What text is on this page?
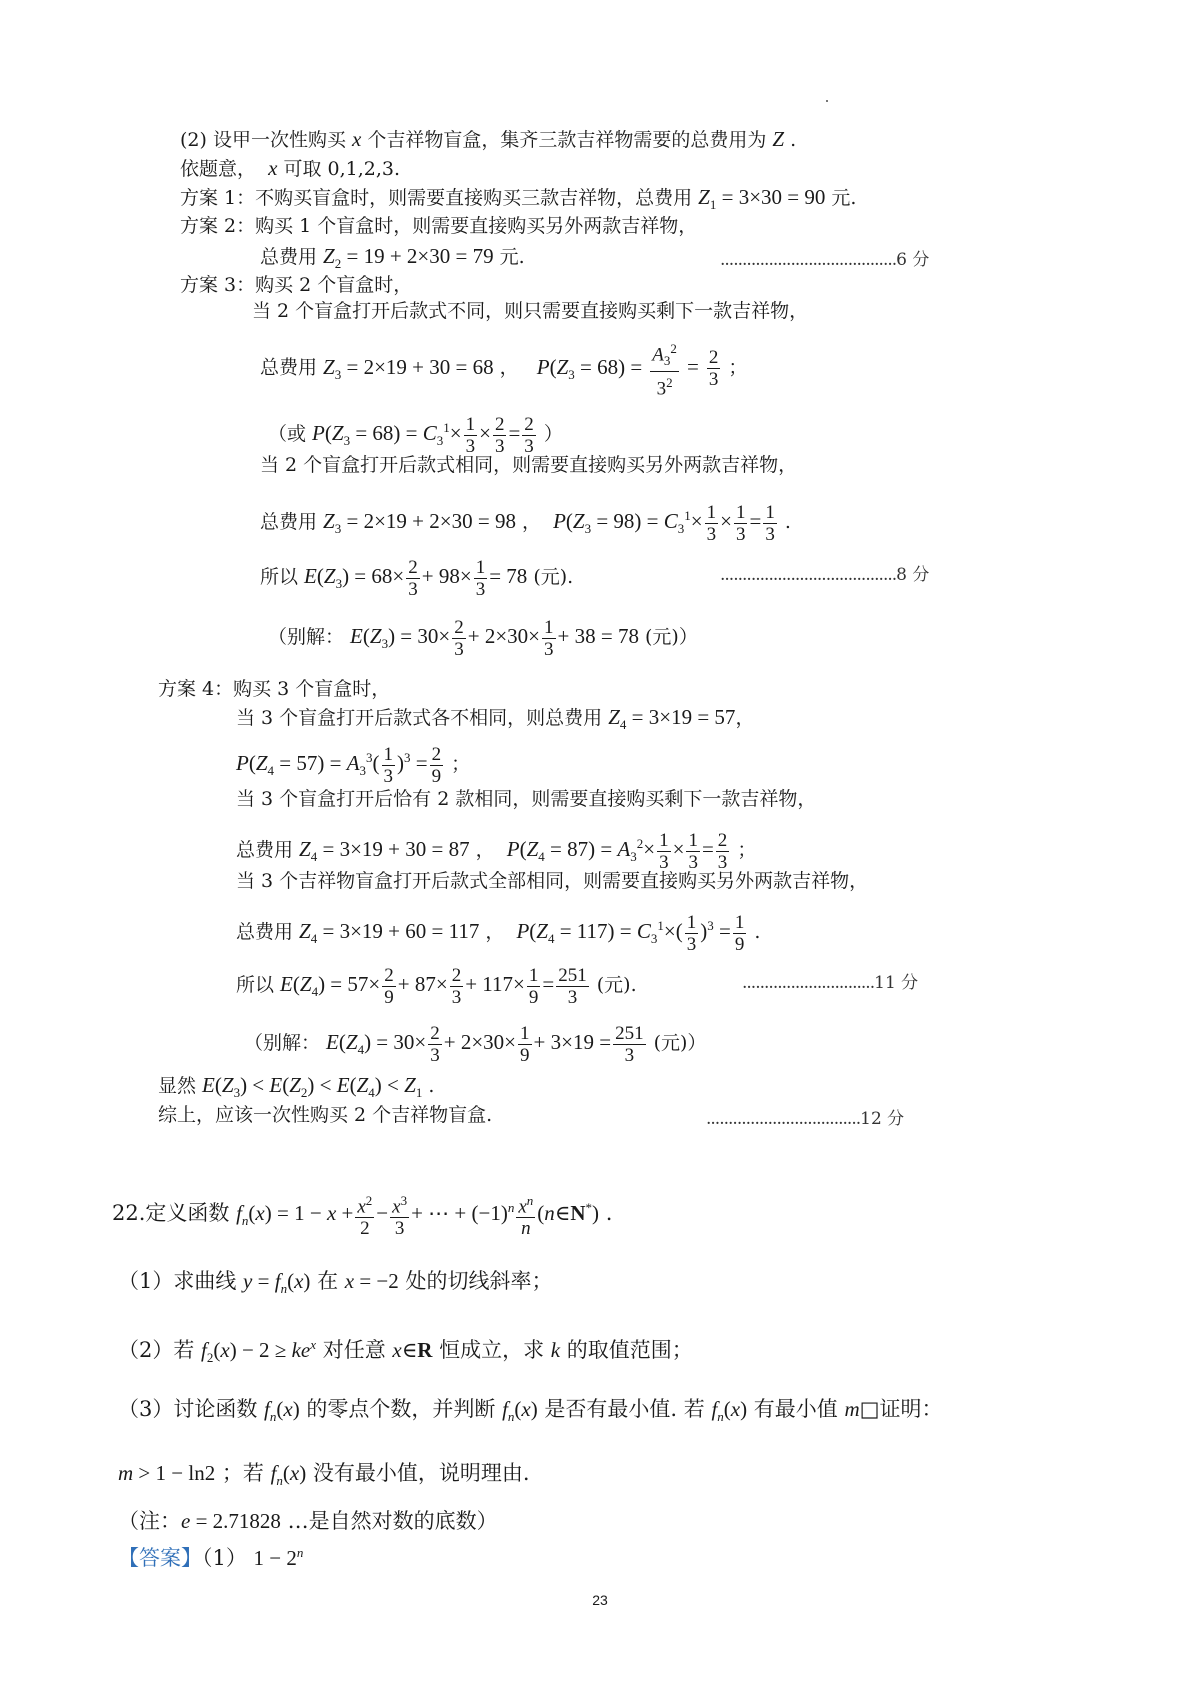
(2) 设甲一次性购买 x 个吉祥物盲盒，集齐三款吉祥物需要的总费用为 Z .
依题意，  x 可取 0,1,2,3.
方案 1：不购买盲盒时，则需要直接购买三款吉祥物，总费用 $Z_1 = 3\times 30 = 90$ 元.
方案 2：购买 1 个盲盒时，则需要直接购买另外两款吉祥物，
总费用 $Z_2 = 19 + 2\times 30 = 79$ 元.	........................................6 分
方案 3：购买 2 个盲盒时，
当 2 个盲盒打开后款式不同，则只需要直接购买剩下一款吉祥物，
总费用 $Z_3 = 2\times 19 + 30 = 68$ ，   $P(Z_3 = 68) = \frac{A_3^2}{3^2} = \frac{2}{3}$ ；
（或 $P(Z_3 = 68) = C_3^1\times \frac{1}{3} \times \frac{2}{3} = \frac{2}{3}$ ）
当 2 个盲盒打开后款式相同，则需要直接购买另外两款吉祥物，
总费用 $Z_3 = 2\times 19 + 2\times 30 = 98$ ，  $P(Z_3 = 98) = C_3^1\times \frac{1}{3} \times \frac{1}{3} = \frac{1}{3}$ .
所以 $E(Z_3) = 68\times \frac{2}{3} + 98\times \frac{1}{3} = 78$ (元).	........................................8 分
（别解： $E(Z_3) = 30\times \frac{2}{3} + 2\times 30\times \frac{1}{3} + 38 = 78$ (元)）
方案 4：购买 3 个盲盒时，
当 3 个盲盒打开后款式各不相同，则总费用 $Z_4 = 3\times 19 = 57$，
$P(Z_4 = 57) = A_3^3( \frac{1}{3} )^3 = \frac{2}{9}$ ；
当 3 个盲盒打开后恰有 2 款相同，则需要直接购买剩下一款吉祥物，
总费用 $Z_4 = 3\times 19 + 30 = 87$ ，  $P(Z_4 = 87) = A_3^2\times \frac{1}{3} \times \frac{1}{3} = \frac{2}{3}$ ；
当 3 个吉祥物盲盒打开后款式全部相同，则需要直接购买另外两款吉祥物，
总费用 $Z_4 = 3\times 19 + 60 = 117$ ，  $P(Z_4 = 117) = C_3^1\times( \frac{1}{3} )^3 = \frac{1}{9}$ .
所以 $E(Z_4) = 57\times \frac{2}{9} + 87\times \frac{2}{3} + 117\times \frac{1}{9} = \frac{251}{3}$ (元).	..............................11 分
（别解： $E(Z_4) = 30\times \frac{2}{3} + 2\times 30\times \frac{1}{9} + 3\times 19 = \frac{251}{3}$ (元)）
显然 $E(Z_3) < E(Z_2) < E(Z_4) < Z_1$ .
综上，应该一次性购买 2 个吉祥物盲盒.	...................................12 分
22.定义函数 $f_n(x) = 1 - x + \frac{x^2}{2} - \frac{x^3}{3}$ + ⋯ + $(-1)^n \frac{x^n}{n}$ (n∈N*) .
（1）求曲线 $y = f_n(x)$ 在 x = −2 处的切线斜率；
（2）若 $f_2(x) - 2 \ge ke^x$ 对任意 x∈R 恒成立，求 k 的取值范围；
（3）讨论函数 $f_n(x)$ 的零点个数，并判断 $f_n(x)$ 是否有最小值. 若 $f_n(x)$ 有最小值 m□证明：
m > 1 − ln2 ；若 $f_n(x)$ 没有最小值，说明理由.
（注：e = 2.71828 …是自然对数的底数）
【答案】（1） $1 - 2^n$
23
